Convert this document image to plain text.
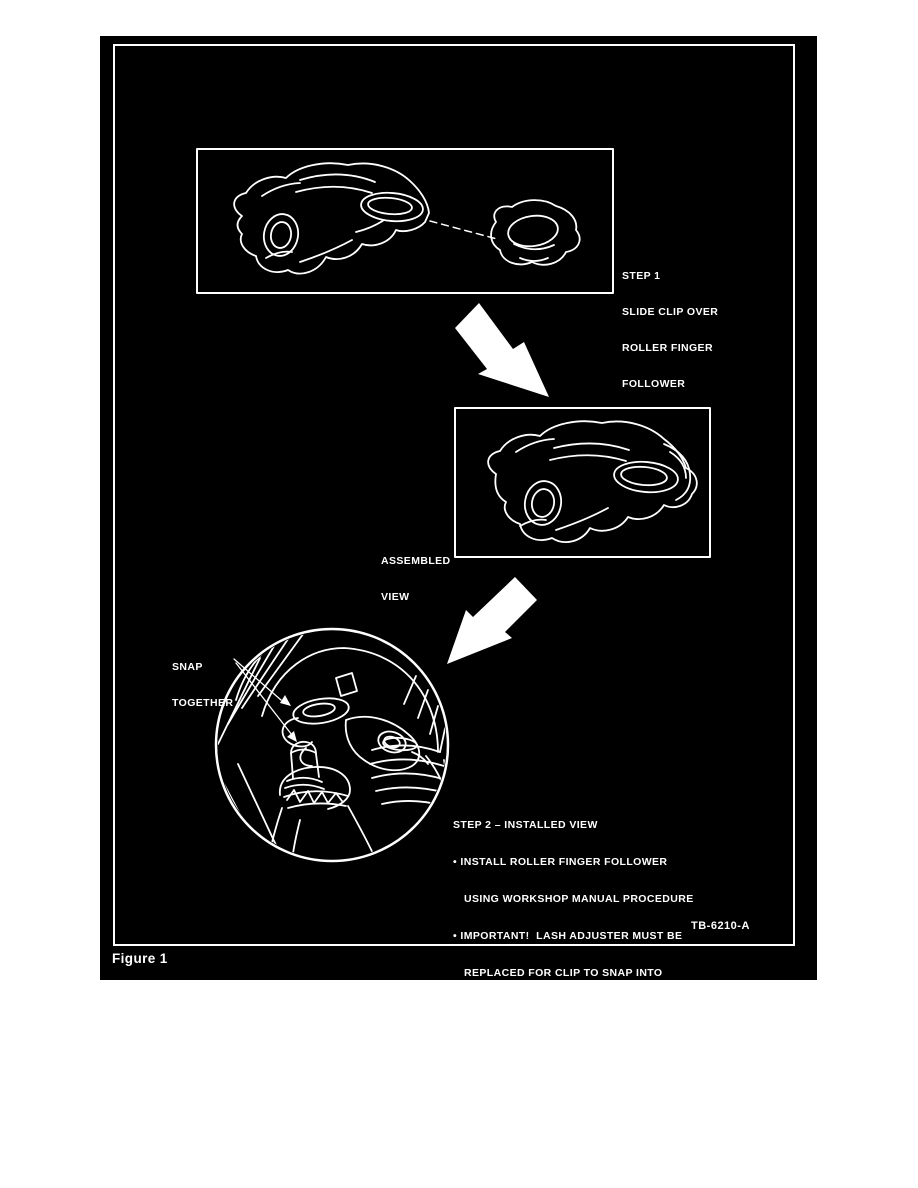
STEP 1

SLIDE CLIP OVER

ROLLER FINGER

FOLLOWER

ASSEMBLED

VIEW

SNAP

TOGETHER

STEP 2 – INSTALLED VIEW

• INSTALL ROLLER FINGER FOLLOWER

USING WORKSHOP MANUAL PROCEDURE

• IMPORTANT!  LASH ADJUSTER MUST BE

REPLACED FOR CLIP TO SNAP INTO

TB-6210-A
Figure 1
